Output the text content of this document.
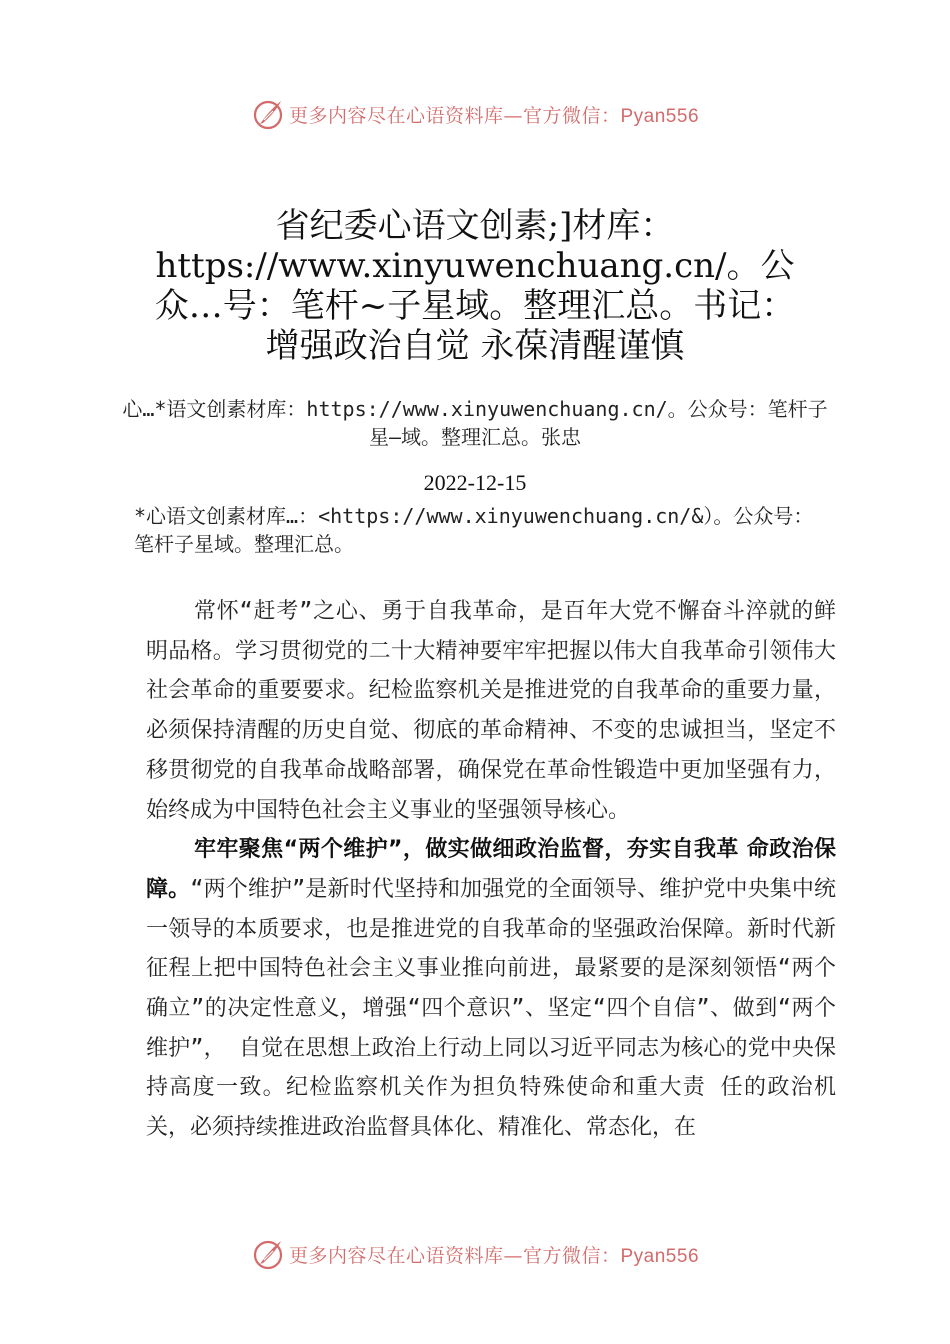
更多内容尽在心语资料库—官方微信：Pyan556
省纪委心语文创素;]材库：https://www.xinyuwenchuang.cn/。公众…号：笔杆~子星域。整理汇总。书记：增强政治自觉 永葆清醒谨慎
心…*语文创素材库：https://www.xinyuwenchuang.cn/。公众号：笔杆子星—域。整理汇总。张忠
2022-12-15
*心语文创素材库…：<https://www.xinyuwenchuang.cn/&）。公众号：笔杆子星域。整理汇总。

常怀“赶考”之心、勇于自我革命，是百年大党不懈奋斗淬就的鲜明品格。学习贯彻党的二十大精神要牢牢把握以伟大自我革命引领伟大社会革命的重要要求。纪检监察机关是推进党的自我革命的重要力量，必须保持清醒的历史自觉、彻底的革命精神、不变的忠诚担当，坚定不移贯彻党的自我革命战略部署，确保党在革命性锻造中更加坚强有力，始终成为中国特色社会主义事业的坚强领导核心。

牢牢聚焦“两个维护”，做实做细政治监督，夯实自我革 命政治保障。“两个维护”是新时代坚持和加强党的全面领导、维护党中央集中统一领导的本质要求，也是推进党的自我革命的坚强政治保障。新时代新征程上把中国特色社会主义事业推向前进，最紧要的是深刻领悟“两个确立”的决定性意义，增强“四个意识”、坚定“四个自信”、做到“两个维护”， 自觉在思想上政治上行动上同以习近平同志为核心的党中央保持高度一致。纪检监察机关作为担负特殊使命和重大责 任的政治机关，必须持续推进政治监督具体化、精准化、常态化，在

更多内容尽在心语资料库—官方微信：Pyan556
